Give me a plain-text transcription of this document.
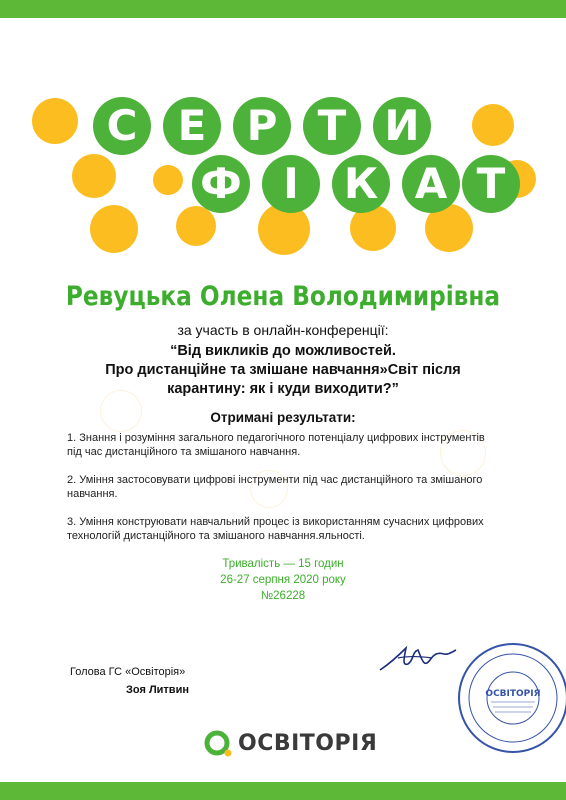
С Е Р Т И
Ф І	К А Т
Ревуцька Олена Володимирівна
за участь в онлайн-конференції:
“Від викликів до можливостей.
Про дистанційне та змішане навчання»Світ після
карантину: як і куди виходити?”
Отримані результати:
1. Знання і розуміння загального педагогічного потенціалу цифрових інструментів під час дистанційного та змішаного навчання.
2. Уміння застосовувати цифрові інструменти під час дистанційного та змішаного навчання.
3. Уміння конструювати навчальний процес із використанням сучасних цифрових технологій дистанційного та змішаного навчання.яльності.
Тривалість — 15 годин
26-27 серпня 2020 року
№26228
Голова ГС «Освіторія»
Зоя Литвин	ОСВІТОРІЯ
ОСВІТОРІЯ
